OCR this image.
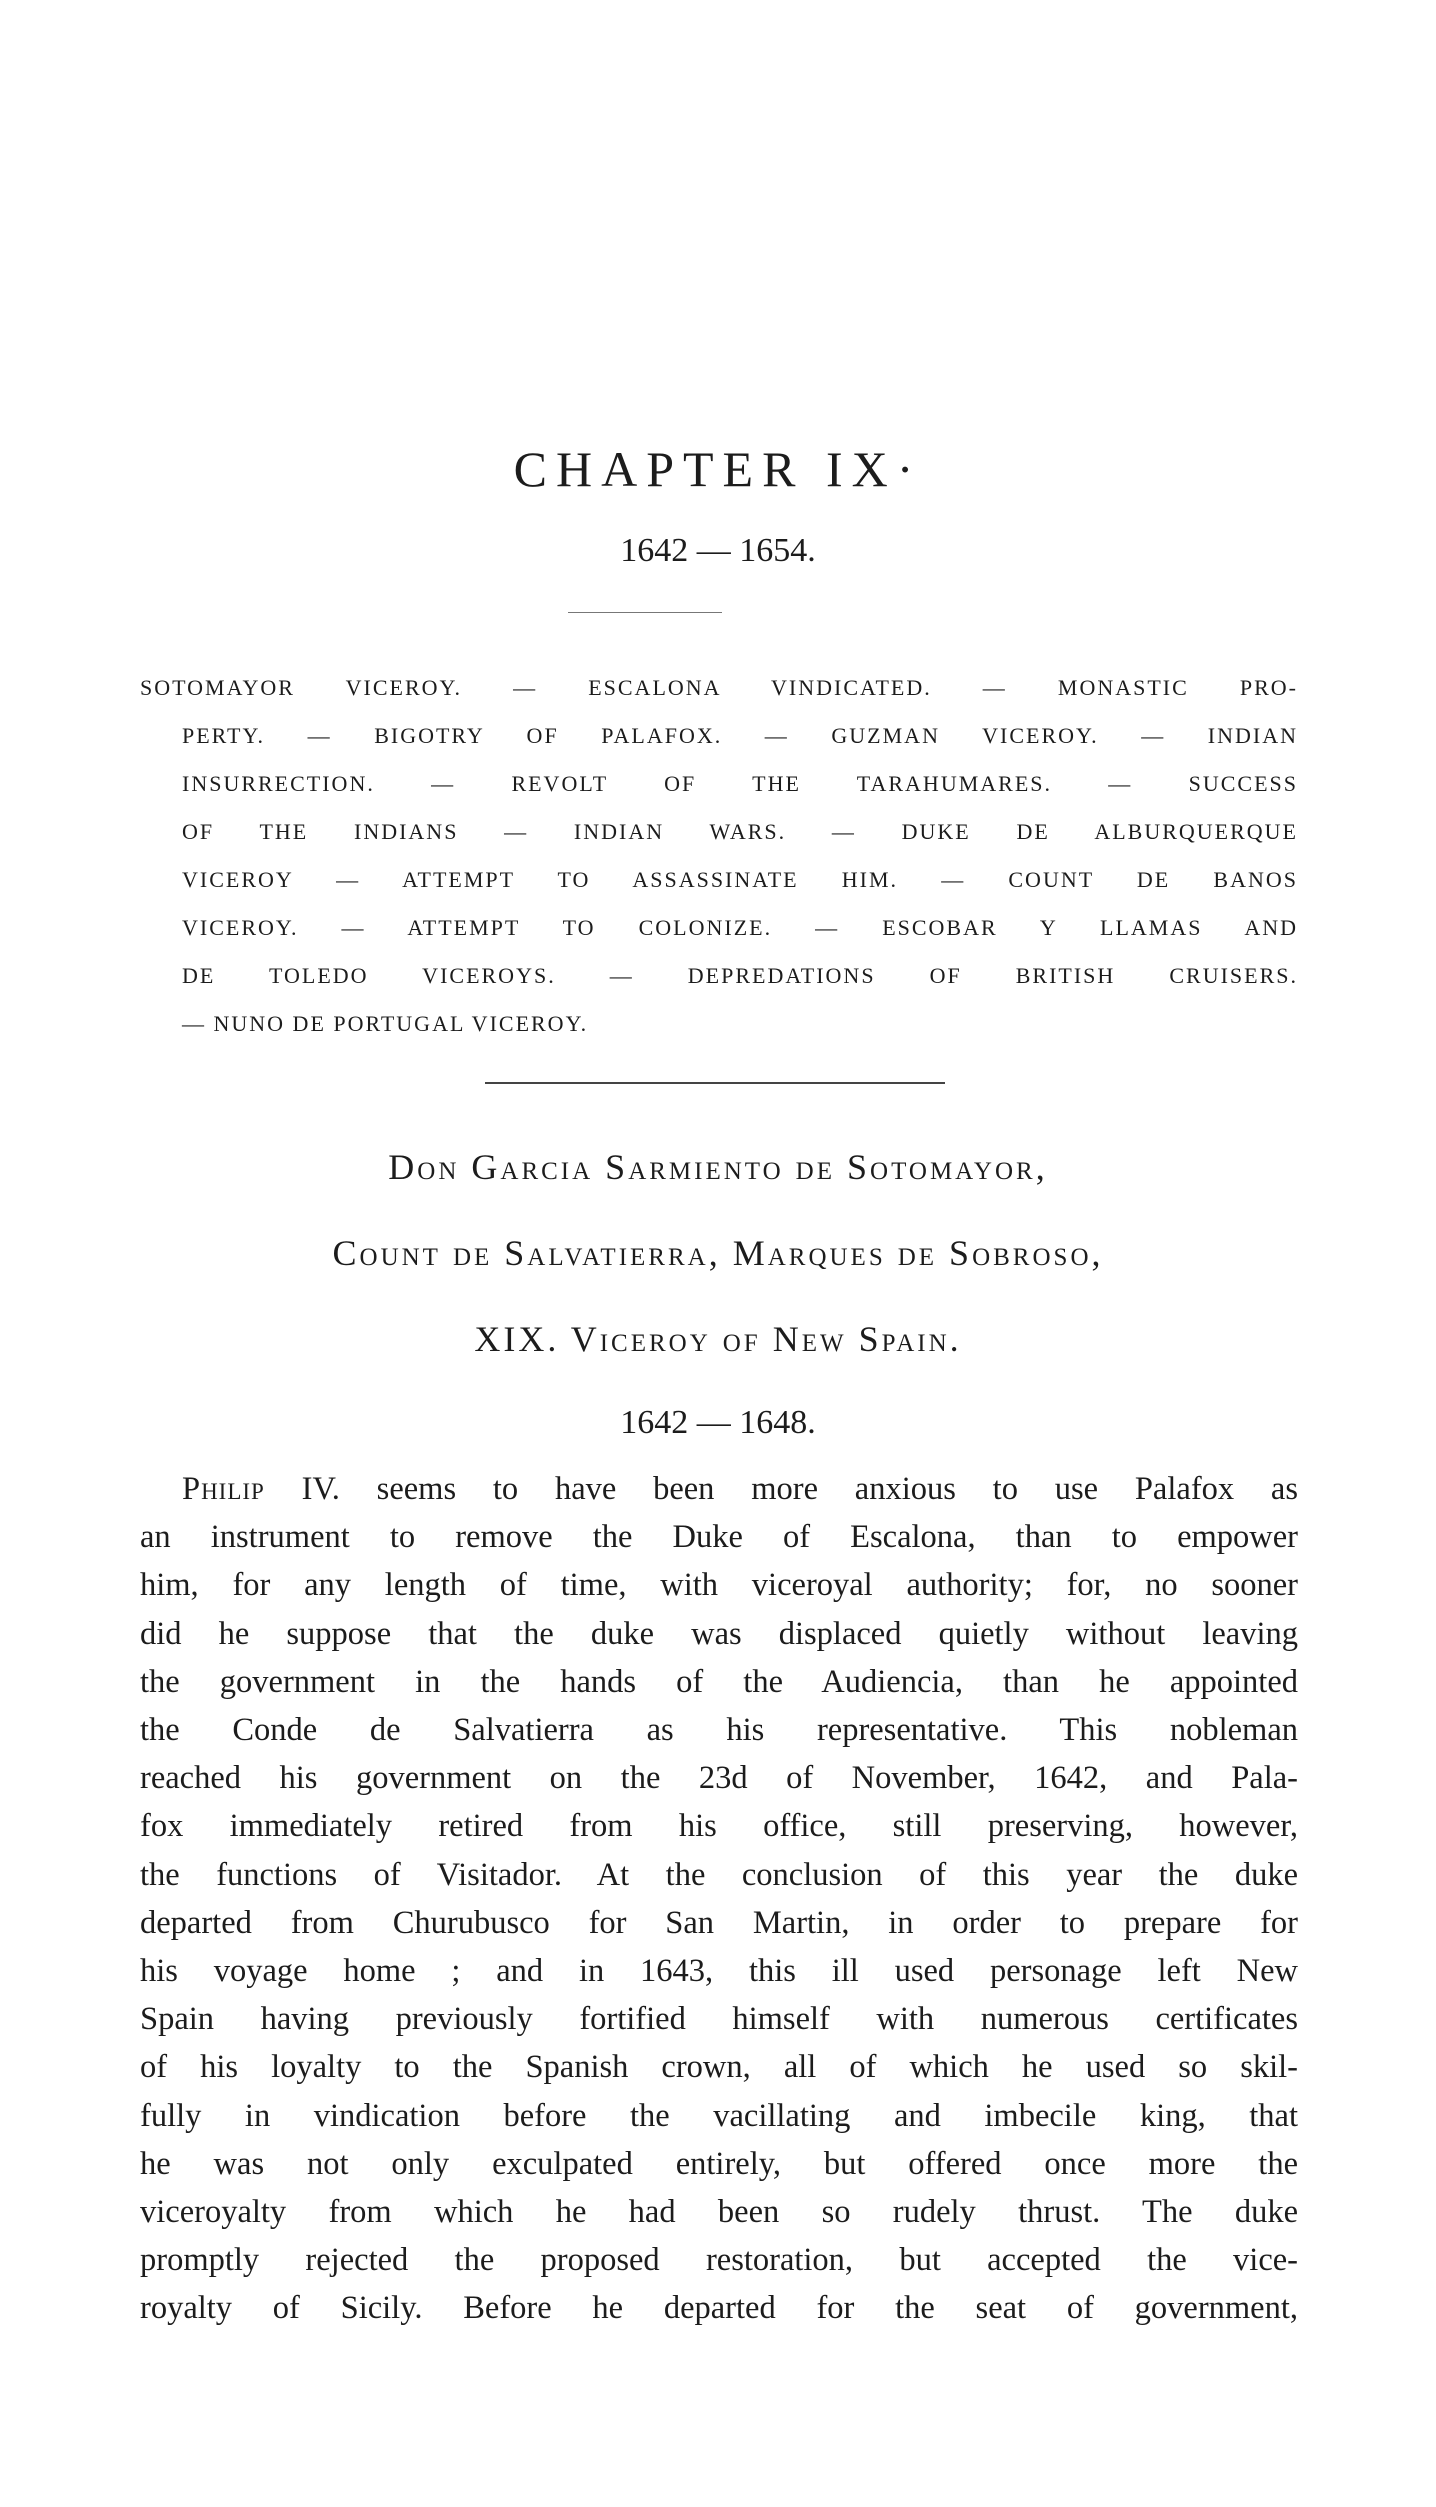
CHAPTER IX·
1642 — 1654.
SOTOMAYOR VICEROY. — ESCALONA VINDICATED. — MONASTIC PRO-
PERTY. — BIGOTRY OF PALAFOX. — GUZMAN VICEROY. — INDIAN
INSURRECTION. — REVOLT OF THE TARAHUMARES. — SUCCESS
OF THE INDIANS — INDIAN WARS. — DUKE DE ALBURQUERQUE
VICEROY — ATTEMPT TO ASSASSINATE HIM. — COUNT DE BANOS
VICEROY. — ATTEMPT TO COLONIZE. — ESCOBAR Y LLAMAS AND
DE TOLEDO VICEROYS. — DEPREDATIONS OF BRITISH CRUISERS.
— NUNO DE PORTUGAL VICEROY.
Don Garcia Sarmiento de Sotomayor,
Count de Salvatierra, Marques de Sobroso,
XIX. Viceroy of New Spain.
1642 — 1648.
Philip IV. seems to have been more anxious to use Palafox as
an instrument to remove the Duke of Escalona, than to empower
him, for any length of time, with viceroyal authority; for, no sooner
did he suppose that the duke was displaced quietly without leaving
the government in the hands of the Audiencia, than he appointed
the Conde de Salvatierra as his representative. This nobleman
reached his government on the 23d of November, 1642, and Pala-
fox immediately retired from his office, still preserving, however,
the functions of Visitador. At the conclusion of this year the duke
departed from Churubusco for San Martin, in order to prepare for
his voyage home ; and in 1643, this ill used personage left New
Spain having previously fortified himself with numerous certificates
of his loyalty to the Spanish crown, all of which he used so skil-
fully in vindication before the vacillating and imbecile king, that
he was not only exculpated entirely, but offered once more the
viceroyalty from which he had been so rudely thrust. The duke
promptly rejected the proposed restoration, but accepted the vice-
royalty of Sicily. Before he departed for the seat of government,
